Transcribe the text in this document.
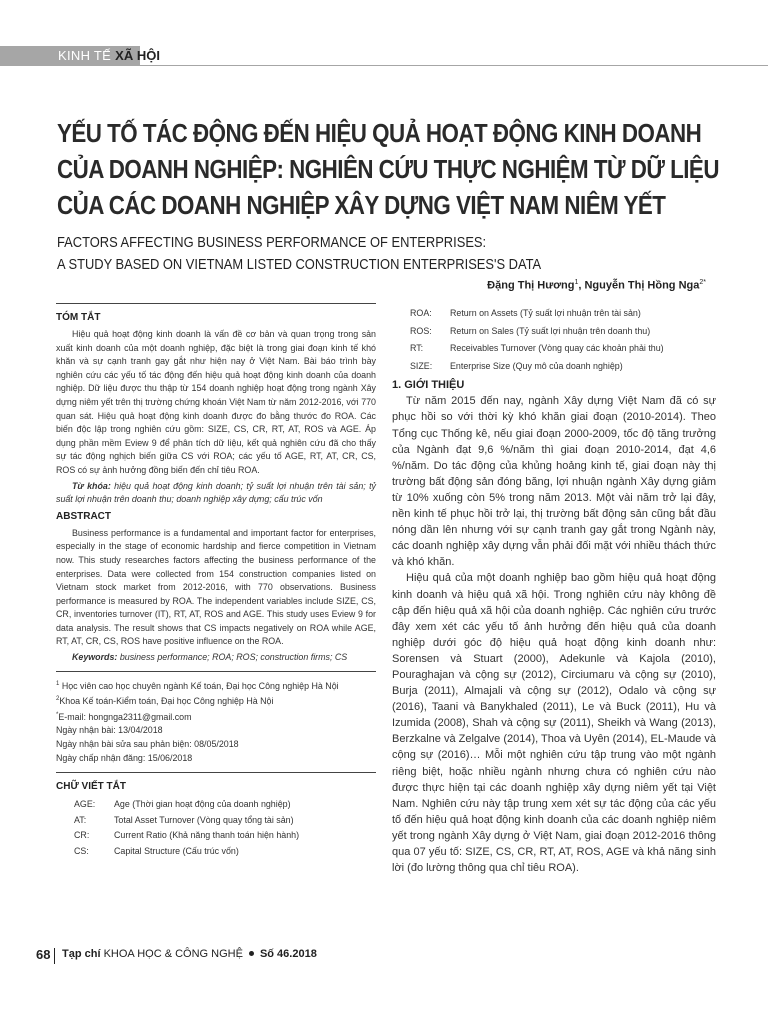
KINH TẾ XÃ HỘI
YẾU TỐ TÁC ĐỘNG ĐẾN HIỆU QUẢ HOẠT ĐỘNG KINH DOANH
CỦA DOANH NGHIỆP: NGHIÊN CỨU THỰC NGHIỆM TỪ DỮ LIỆU
CỦA CÁC DOANH NGHIỆP XÂY DỰNG VIỆT NAM NIÊM YẾT
FACTORS AFFECTING BUSINESS PERFORMANCE OF ENTERPRISES:
A STUDY BASED ON VIETNAM LISTED CONSTRUCTION ENTERPRISES'S DATA
Đặng Thị Hương$^1$, Nguyễn Thị Hồng Nga$^{2*}$
TÓM TẮT

Hiệu quả hoạt động kinh doanh là vấn đề cơ bản và quan trọng trong sản xuất kinh doanh của một doanh nghiệp, đặc biệt là trong giai đoạn kinh tế khó khăn và sự cạnh tranh gay gắt như hiện nay ở Việt Nam. Bài báo trình bày nghiên cứu các yếu tố tác động đến hiệu quả hoạt động kinh doanh của doanh nghiệp. Dữ liệu được thu thập từ 154 doanh nghiệp hoạt động trong ngành Xây dựng niêm yết trên thị trường chứng khoán Việt Nam từ năm 2012-2016, với 770 quan sát. Hiệu quả hoạt động kinh doanh được đo bằng thước đo ROA. Các biến độc lập trong nghiên cứu gồm: SIZE, CS, CR, RT, AT, ROS và AGE. Áp dụng phần mềm Eview 9 để phân tích dữ liệu, kết quả nghiên cứu đã cho thấy sự tác động nghịch biến giữa CS với ROA; các yếu tố AGE, RT, AT, CR, CS, ROS có sự ảnh hưởng đồng biến đến chỉ tiêu ROA.

Từ khóa: hiệu quả hoạt động kinh doanh; tỷ suất lợi nhuận trên tài sản; tỷ suất lợi nhuận trên doanh thu; doanh nghiệp xây dựng; cấu trúc vốn

ABSTRACT

Business performance is a fundamental and important factor for enterprises, especially in the stage of economic hardship and fierce competition in Vietnam now. This study researches factors affecting the business performance of the enterprises. Data were collected from 154 construction companies listed on Vietnam stock market from 2012-2016, with 770 observations. Business performance is measured by ROA. The independent variables include SIZE, CS, CR, inventories turnover (IT), RT, AT, ROS and AGE. This study uses Eview 9 for data analysis. The result shows that CS impacts negatively on ROA while AGE, RT, AT, CR, CS, ROS have positive influence on the ROA.

Keywords: business performance; ROA; ROS; construction firms; CS

$^1$ Học viên cao học chuyên ngành Kế toán, Đại học Công nghiệp Hà Nội

$^2$Khoa Kế toán-Kiểm toán, Đại học Công nghiệp Hà Nội

*E-mail: hongnga2311@gmail.com

Ngày nhận bài: 13/04/2018

Ngày nhận bài sửa sau phản biện: 08/05/2018

Ngày chấp nhận đăng: 15/06/2018

CHỮ VIẾT TẮT
AGE:	Age (Thời gian hoạt động của doanh nghiệp)
AT:	Total Asset Turnover (Vòng quay tổng tài sản)
CR:	Current Ratio (Khả năng thanh toán hiện hành)
CS:	Capital Structure (Cấu trúc vốn)
ROA:	Return on Assets (Tỷ suất lợi nhuận trên tài sản)
ROS:	Return on Sales (Tỷ suất lợi nhuận trên doanh thu)
RT:	Receivables Turnover (Vòng quay các khoản phải thu)
SIZE:	Enterprise Size (Quy mô của doanh nghiệp)
1. GIỚI THIỆU

Từ năm 2015 đến nay, ngành Xây dựng Việt Nam đã có sự phục hồi so với thời kỳ khó khăn giai đoạn (2010-2014). Theo Tổng cục Thống kê, nếu giai đoạn 2000-2009, tốc độ tăng trưởng của Ngành đạt 9,6 %/năm thì giai đoạn 2010-2014, đạt 4,6 %/năm. Do tác động của khủng hoảng kinh tế, giai đoạn này thị trường bất động sản đóng băng, lợi nhuận ngành Xây dựng giảm từ 10% xuống còn 5% trong năm 2013. Một vài năm trở lại đây, nền kinh tế phục hồi trở lại, thị trường bất động sản cũng bắt đầu nóng dần lên nhưng với sự cạnh tranh gay gắt trong Ngành này, các doanh nghiệp xây dựng vẫn phải đối mặt với nhiều thách thức và khó khăn.

Hiệu quả của một doanh nghiệp bao gồm hiệu quả hoạt động kinh doanh và hiệu quả xã hội. Trong nghiên cứu này không đề cập đến hiệu quả xã hội của doanh nghiệp. Các nghiên cứu trước đây xem xét các yếu tố ảnh hưởng đến hiệu quả của doanh nghiệp dưới góc độ hiệu quả hoạt động kinh doanh như: Sorensen và Stuart (2000), Adekunle và Kajola (2010), Pouraghajan và cộng sự (2012), Circiumaru và cộng sự (2010), Burja (2011), Almajali và cộng sự (2012), Odalo và cộng sự (2016), Taani và Banykhaled (2011), Le và Buck (2011), Hu và Izumida (2008), Shah và cộng sự (2011), Sheikh và Wang (2013), Berzkalne và Zelgalve (2014), Thoa và Uyên (2014), EL-Maude và cộng sự (2016)… Mỗi một nghiên cứu tập trung vào một ngành riêng biệt, hoặc nhiều ngành nhưng chưa có nghiên cứu nào được thực hiện tại các doanh nghiệp xây dựng niêm yết tại Việt Nam. Nghiên cứu này tập trung xem xét sự tác động của các yếu tố đến hiệu quả hoạt động kinh doanh của các doanh nghiệp niêm yết trong ngành Xây dựng ở Việt Nam, giai đoạn 2012-2016 thông qua 07 yếu tố: SIZE, CS, CR, RT, AT, ROS, AGE và khả năng sinh lời (đo lường thông qua chỉ tiêu ROA).

68 Tạp chí KHOA HỌC & CÔNG NGHỆ Số 46.2018
